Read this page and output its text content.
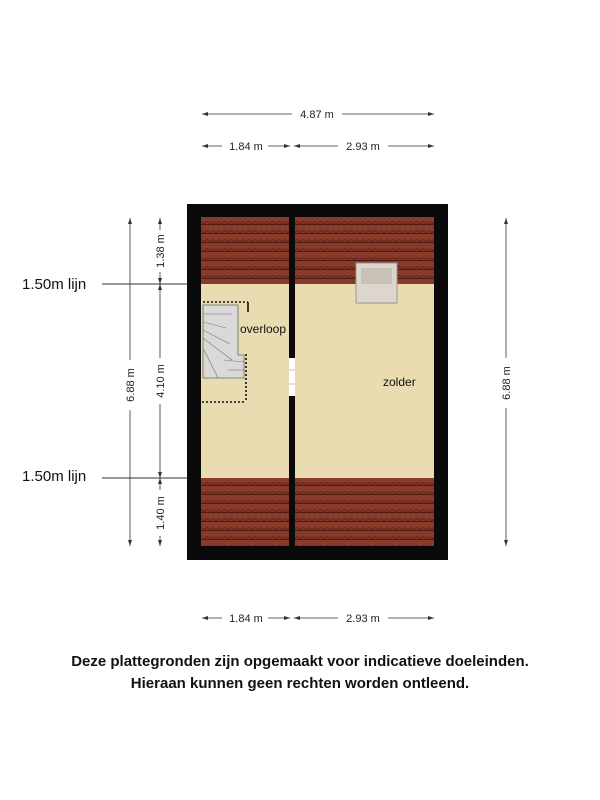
4.87 m
1.84 m	2.93 m
1.84 m	2.93 m
6.88 m
1.38 m
4.10 m
1.40 m
6.88 m
1.50m lijn
1.50m lijn
overloop
zolder
Deze plattegronden zijn opgemaakt voor indicatieve doeleinden.
Hieraan kunnen geen rechten worden ontleend.
